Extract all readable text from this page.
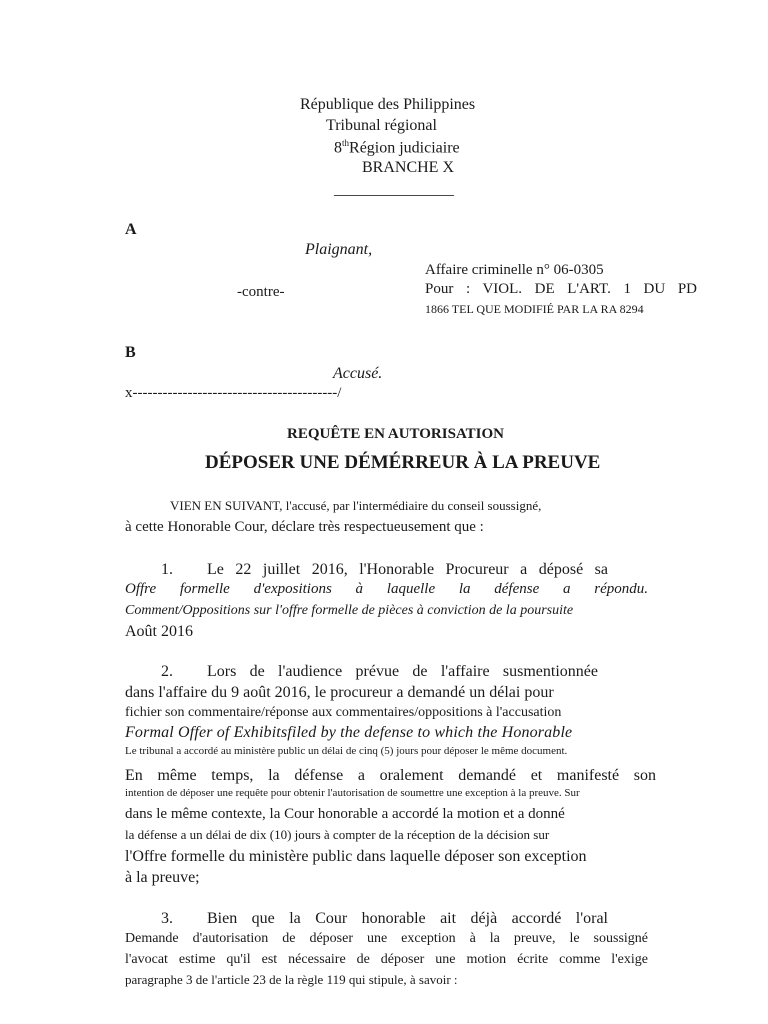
République des Philippines
Tribunal régional
8thRégion judiciaire
BRANCHE X
_______________
A
Plaignant,
Affaire criminelle n° 06-0305
-contre-	Pour : VIOL. DE L'ART. 1 DU PD
1866 TEL QUE MODIFIÉ PAR LA RA 8294
B
Accusé.
x-----------------------------------------/
REQUÊTE EN AUTORISATION
DÉPOSER UNE DÉMÉRREUR À LA PREUVE
VIEN EN SUIVANT, l'accusé, par l'intermédiaire du conseil soussigné,
à cette Honorable Cour, déclare très respectueusement que :
1. Le 22 juillet 2016, l'Honorable Procureur a déposé sa
Offre formelle d'expositions à laquelle la défense a répondu.
Comment/Oppositions sur l'offre formelle de pièces à conviction de la poursuite
Août 2016
2. Lors de l'audience prévue de l'affaire susmentionnée
dans l'affaire du 9 août 2016, le procureur a demandé un délai pour
fichier son commentaire/réponse aux commentaires/oppositions à l'accusation
Formal Offer of Exhibitsfiled by the defense to which the Honorable
Le tribunal a accordé au ministère public un délai de cinq (5) jours pour déposer le même document.
En même temps, la défense a oralement demandé et manifesté son
intention de déposer une requête pour obtenir l'autorisation de soumettre une exception à la preuve. Sur
dans le même contexte, la Cour honorable a accordé la motion et a donné
la défense a un délai de dix (10) jours à compter de la réception de la décision sur
l'Offre formelle du ministère public dans laquelle déposer son exception
à la preuve;
3. Bien que la Cour honorable ait déjà accordé l'oral
Demande d'autorisation de déposer une exception à la preuve, le soussigné
l'avocat estime qu'il est nécessaire de déposer une motion écrite comme l'exige
paragraphe 3 de l'article 23 de la règle 119 qui stipule, à savoir :
